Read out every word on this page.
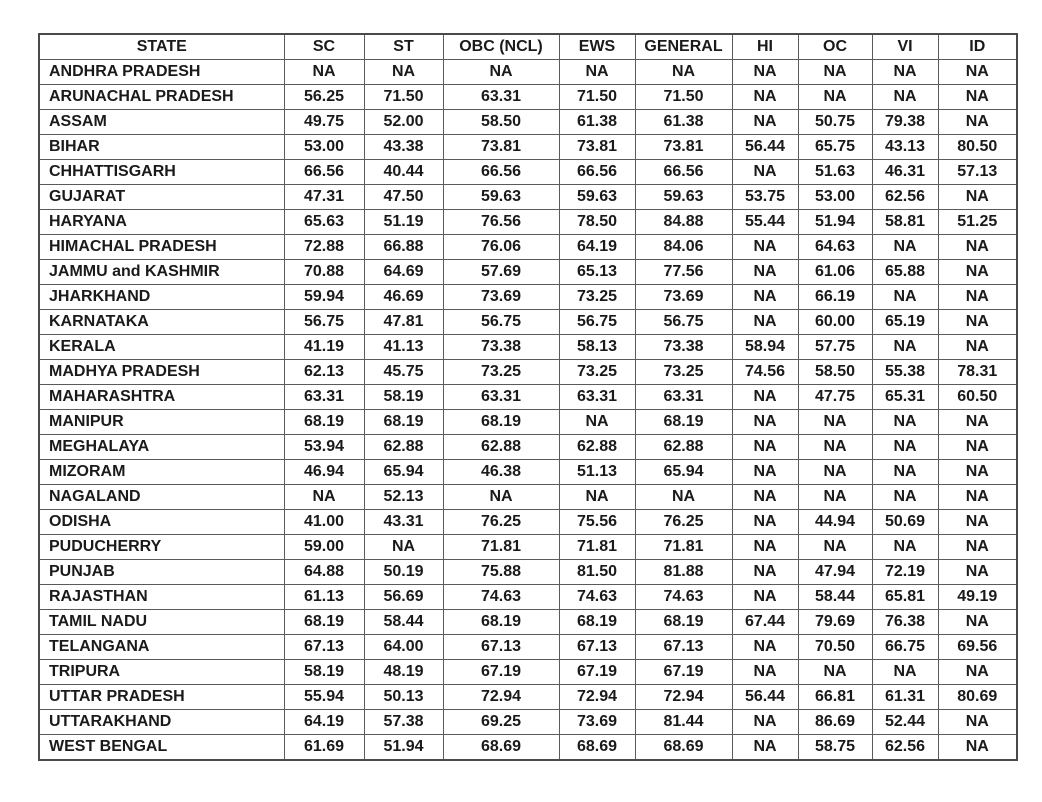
STATE	SC	ST	OBC (NCL)	EWS	GENERAL	HI	OC	VI	ID
ANDHRA PRADESH	NA	NA	NA	NA	NA	NA	NA	NA	NA
ARUNACHAL PRADESH	56.25	71.50	63.31	71.50	71.50	NA	NA	NA	NA
ASSAM	49.75	52.00	58.50	61.38	61.38	NA	50.75	79.38	NA
BIHAR	53.00	43.38	73.81	73.81	73.81	56.44	65.75	43.13	80.50
CHHATTISGARH	66.56	40.44	66.56	66.56	66.56	NA	51.63	46.31	57.13
GUJARAT	47.31	47.50	59.63	59.63	59.63	53.75	53.00	62.56	NA
HARYANA	65.63	51.19	76.56	78.50	84.88	55.44	51.94	58.81	51.25
HIMACHAL PRADESH	72.88	66.88	76.06	64.19	84.06	NA	64.63	NA	NA
JAMMU and KASHMIR	70.88	64.69	57.69	65.13	77.56	NA	61.06	65.88	NA
JHARKHAND	59.94	46.69	73.69	73.25	73.69	NA	66.19	NA	NA
KARNATAKA	56.75	47.81	56.75	56.75	56.75	NA	60.00	65.19	NA
KERALA	41.19	41.13	73.38	58.13	73.38	58.94	57.75	NA	NA
MADHYA PRADESH	62.13	45.75	73.25	73.25	73.25	74.56	58.50	55.38	78.31
MAHARASHTRA	63.31	58.19	63.31	63.31	63.31	NA	47.75	65.31	60.50
MANIPUR	68.19	68.19	68.19	NA	68.19	NA	NA	NA	NA
MEGHALAYA	53.94	62.88	62.88	62.88	62.88	NA	NA	NA	NA
MIZORAM	46.94	65.94	46.38	51.13	65.94	NA	NA	NA	NA
NAGALAND	NA	52.13	NA	NA	NA	NA	NA	NA	NA
ODISHA	41.00	43.31	76.25	75.56	76.25	NA	44.94	50.69	NA
PUDUCHERRY	59.00	NA	71.81	71.81	71.81	NA	NA	NA	NA
PUNJAB	64.88	50.19	75.88	81.50	81.88	NA	47.94	72.19	NA
RAJASTHAN	61.13	56.69	74.63	74.63	74.63	NA	58.44	65.81	49.19
TAMIL NADU	68.19	58.44	68.19	68.19	68.19	67.44	79.69	76.38	NA
TELANGANA	67.13	64.00	67.13	67.13	67.13	NA	70.50	66.75	69.56
TRIPURA	58.19	48.19	67.19	67.19	67.19	NA	NA	NA	NA
UTTAR PRADESH	55.94	50.13	72.94	72.94	72.94	56.44	66.81	61.31	80.69
UTTARAKHAND	64.19	57.38	69.25	73.69	81.44	NA	86.69	52.44	NA
WEST BENGAL	61.69	51.94	68.69	68.69	68.69	NA	58.75	62.56	NA
